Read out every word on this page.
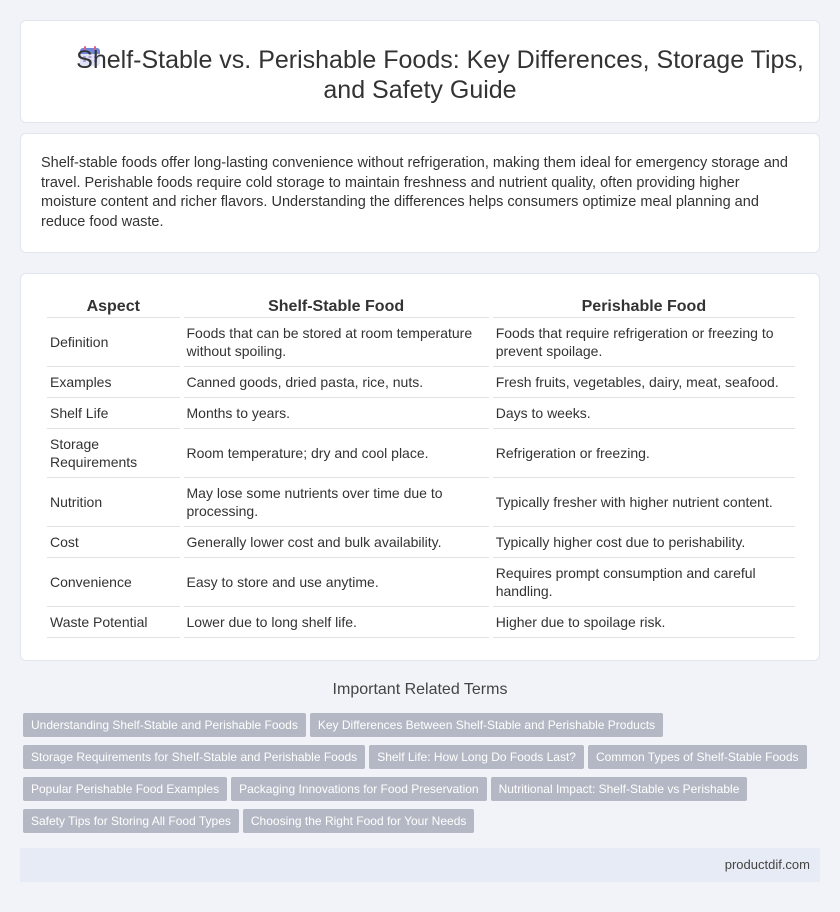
Shelf-Stable vs. Perishable Foods: Key Differences, Storage Tips,
and Safety Guide

Shelf-stable foods offer long-lasting convenience without refrigeration, making them ideal for emergency storage and travel. Perishable foods require cold storage to maintain freshness and nutrient quality, often providing higher moisture content and richer flavors. Understanding the differences helps consumers optimize meal planning and reduce food waste.

Aspect	Shelf-Stable Food	Perishable Food
Definition	Foods that can be stored at room temperature without spoiling.	Foods that require refrigeration or freezing to prevent spoilage.
Examples	Canned goods, dried pasta, rice, nuts.	Fresh fruits, vegetables, dairy, meat, seafood.
Shelf Life	Months to years.	Days to weeks.
Storage Requirements	Room temperature; dry and cool place.	Refrigeration or freezing.
Nutrition	May lose some nutrients over time due to processing.	Typically fresher with higher nutrient content.
Cost	Generally lower cost and bulk availability.	Typically higher cost due to perishability.
Convenience	Easy to store and use anytime.	Requires prompt consumption and careful handling.
Waste Potential	Lower due to long shelf life.	Higher due to spoilage risk.
Important Related Terms
Understanding Shelf-Stable and Perishable Foods Key Differences Between Shelf-Stable and Perishable Products
Storage Requirements for Shelf-Stable and Perishable Foods Shelf Life: How Long Do Foods Last? Common Types of Shelf-Stable Foods
Popular Perishable Food Examples Packaging Innovations for Food Preservation Nutritional Impact: Shelf-Stable vs Perishable
Safety Tips for Storing All Food Types Choosing the Right Food for Your Needs
productdif.com
